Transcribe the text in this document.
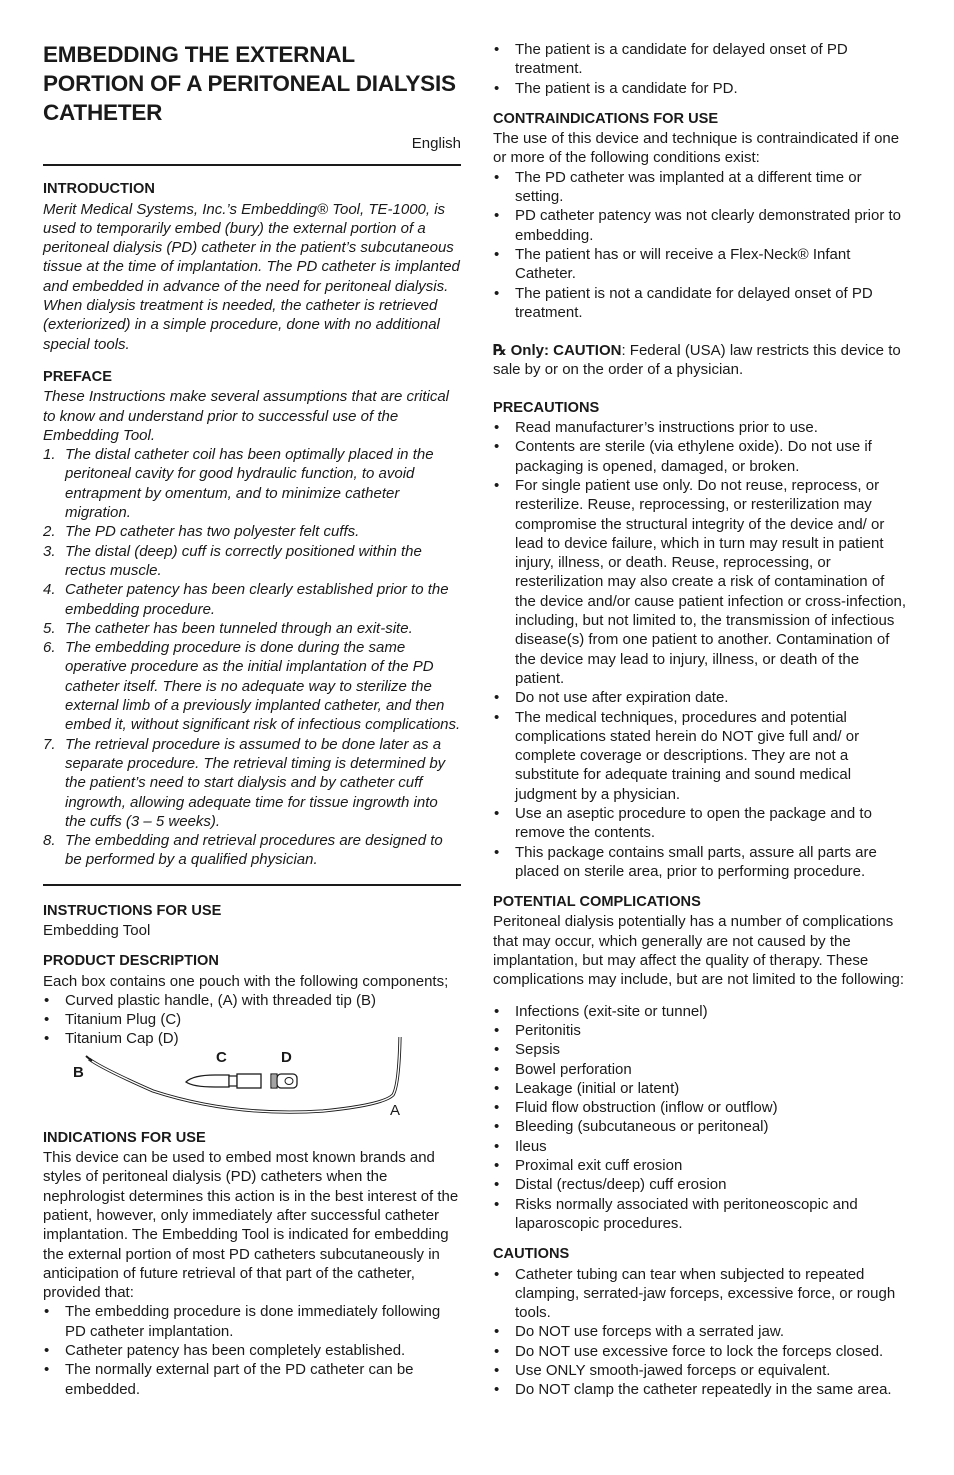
EMBEDDING THE EXTERNAL PORTION OF A PERITONEAL DIALYSIS CATHETER
English
INTRODUCTION

Merit Medical Systems, Inc.’s Embedding® Tool, TE-1000, is used to temporarily embed (bury) the external portion of a peritoneal dialysis (PD) catheter in the patient’s subcutaneous tissue at the time of implantation. The PD catheter is implanted and embedded in advance of the need for peritoneal dialysis. When dialysis treatment is needed, the catheter is retrieved (exteriorized) in a simple procedure, done with no additional special tools.

PREFACE

These Instructions make several assumptions that are critical to know and understand prior to successful use of the Embedding Tool.

1. The distal catheter coil has been optimally placed in the peritoneal cavity for good hydraulic function, to avoid entrapment by omentum, and to minimize catheter migration.
2. The PD catheter has two polyester felt cuffs.
3. The distal (deep) cuff is correctly positioned within the rectus muscle.
4. Catheter patency has been clearly established prior to the embedding procedure.
5. The catheter has been tunneled through an exit-site.
6. The embedding procedure is done during the same operative procedure as the initial implantation of the PD catheter itself. There is no adequate way to sterilize the external limb of a previously implanted catheter, and then embed it, without significant risk of infectious complications.
7. The retrieval procedure is assumed to be done later as a separate procedure. The retrieval timing is determined by the patient’s need to start dialysis and by catheter cuff ingrowth, allowing adequate time for tissue ingrowth into the cuffs (3 – 5 weeks).
8. The embedding and retrieval procedures are designed to be performed by a qualified physician.
INSTRUCTIONS FOR USE
Embedding Tool
PRODUCT DESCRIPTION

Each box contains one pouch with the following components;

• Curved plastic handle, (A) with threaded tip (B)
• Titanium Plug (C)
• Titanium Cap (D)
B
C	D
A
INDICATIONS FOR USE

This device can be used to embed most known brands and styles of peritoneal dialysis (PD) catheters when the nephrologist determines this action is in the best interest of the patient, however, only immediately after successful catheter implantation. The Embedding Tool is indicated for embedding the external portion of most PD catheters subcutaneously in anticipation of future retrieval of that part of the catheter, provided that:

• The embedding procedure is done immediately following PD catheter implantation.
• Catheter patency has been completely established.
• The normally external part of the PD catheter can be embedded.
• The patient is a candidate for delayed onset of PD treatment.
• The patient is a candidate for PD.
CONTRAINDICATIONS FOR USE

The use of this device and technique is contraindicated if one or more of the following conditions exist:

• The PD catheter was implanted at a different time or setting.
• PD catheter patency was not clearly demonstrated prior to embedding.
• The patient has or will receive a Flex-Neck® Infant Catheter.
• The patient is not a candidate for delayed onset of PD treatment.

℞ Only: CAUTION: Federal (USA) law restricts this device to sale by or on the order of a physician.

PRECAUTIONS
• Read manufacturer’s instructions prior to use.
• Contents are sterile (via ethylene oxide). Do not use if packaging is opened, damaged, or broken.
• For single patient use only. Do not reuse, reprocess, or resterilize. Reuse, reprocessing, or resterilization may compromise the structural integrity of the device and/ or lead to device failure, which in turn may result in patient injury, illness, or death. Reuse, reprocessing, or resterilization may also create a risk of contamination of the device and/or cause patient infection or cross-infection, including, but not limited to, the transmission of infectious disease(s) from one patient to another. Contamination of the device may lead to injury, illness, or death of the patient.
• Do not use after expiration date.
• The medical techniques, procedures and potential complications stated herein do NOT give full and/ or complete coverage or descriptions. They are not a substitute for adequate training and sound medical judgment by a physician.
• Use an aseptic procedure to open the package and to remove the contents.
• This package contains small parts, assure all parts are placed on sterile area, prior to performing procedure.
POTENTIAL COMPLICATIONS

Peritoneal dialysis potentially has a number of complications that may occur, which generally are not caused by the implantation, but may affect the quality of therapy. These complications may include, but are not limited to the following:

• Infections (exit-site or tunnel)
• Peritonitis
• Sepsis
• Bowel perforation
• Leakage (initial or latent)
• Fluid flow obstruction (inflow or outflow)
• Bleeding (subcutaneous or peritoneal)
• Ileus
• Proximal exit cuff erosion
• Distal (rectus/deep) cuff erosion
• Risks normally associated with peritoneoscopic and laparoscopic procedures.
CAUTIONS
• Catheter tubing can tear when subjected to repeated clamping, serrated-jaw forceps, excessive force, or rough tools.
• Do NOT use forceps with a serrated jaw.
• Do NOT use excessive force to lock the forceps closed.
• Use ONLY smooth-jawed forceps or equivalent.
• Do NOT clamp the catheter repeatedly in the same area.
